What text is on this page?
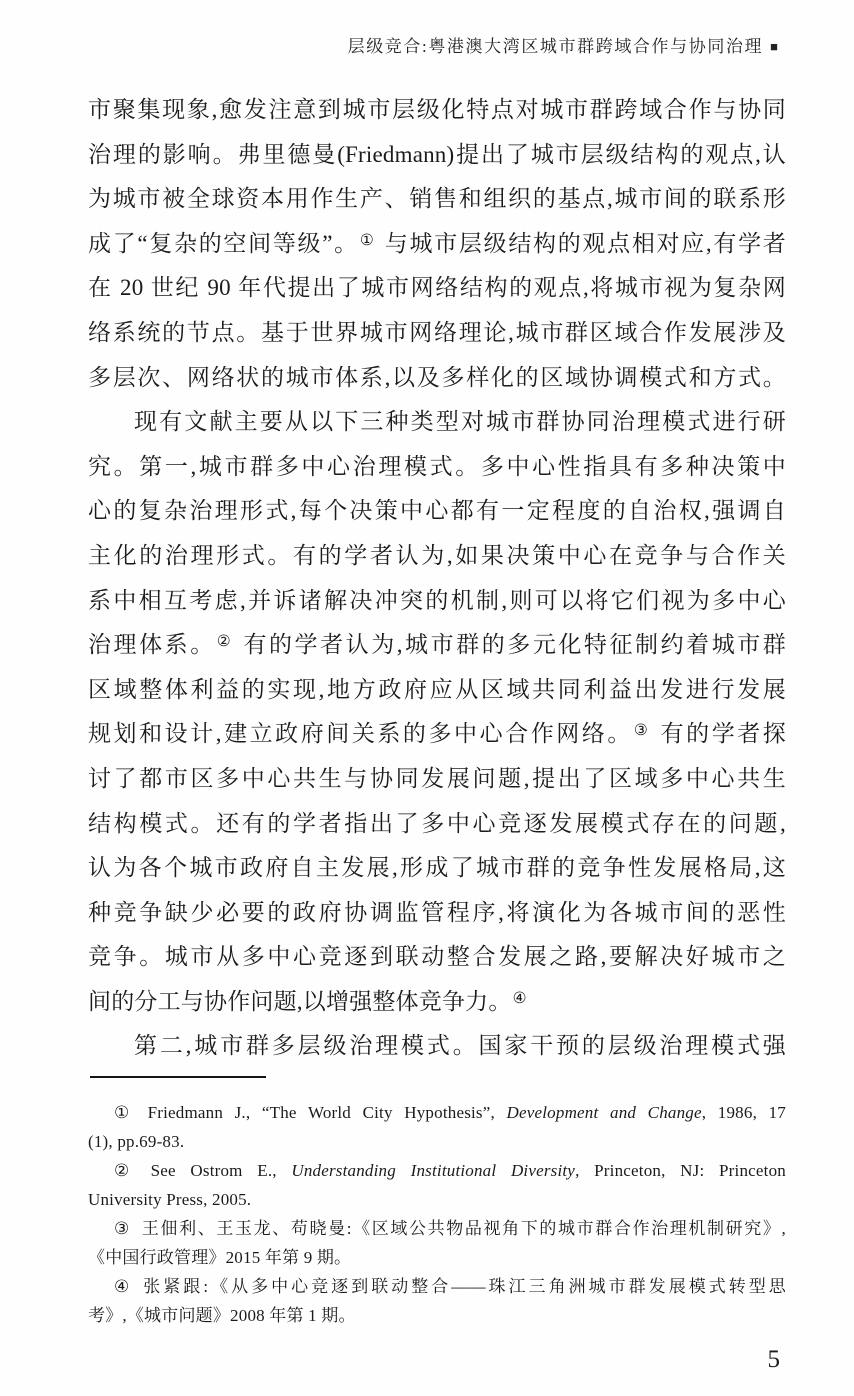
层级竞合:粤港澳大湾区城市群跨域合作与协同治理 ■
市聚集现象,愈发注意到城市层级化特点对城市群跨域合作与协同
治理的影响。弗里德曼(Friedmann)提出了城市层级结构的观点,认
为城市被全球资本用作生产、销售和组织的基点,城市间的联系形
成了“复杂的空间等级”。① 与城市层级结构的观点相对应,有学者
在 20 世纪 90 年代提出了城市网络结构的观点,将城市视为复杂网
络系统的节点。基于世界城市网络理论,城市群区域合作发展涉及
多层次、网络状的城市体系,以及多样化的区域协调模式和方式。
现有文献主要从以下三种类型对城市群协同治理模式进行研
究。第一,城市群多中心治理模式。多中心性指具有多种决策中
心的复杂治理形式,每个决策中心都有一定程度的自治权,强调自
主化的治理形式。有的学者认为,如果决策中心在竞争与合作关
系中相互考虑,并诉诸解决冲突的机制,则可以将它们视为多中心
治理体系。② 有的学者认为,城市群的多元化特征制约着城市群
区域整体利益的实现,地方政府应从区域共同利益出发进行发展
规划和设计,建立政府间关系的多中心合作网络。③ 有的学者探
讨了都市区多中心共生与协同发展问题,提出了区域多中心共生
结构模式。还有的学者指出了多中心竞逐发展模式存在的问题,
认为各个城市政府自主发展,形成了城市群的竞争性发展格局,这
种竞争缺少必要的政府协调监管程序,将演化为各城市间的恶性
竞争。城市从多中心竞逐到联动整合发展之路,要解决好城市之
间的分工与协作问题,以增强整体竞争力。④
第二,城市群多层级治理模式。国家干预的层级治理模式强
① Friedmann J., “The World City Hypothesis”, Development and Change, 1986, 17
(1), pp.69-83.
② See Ostrom E., Understanding Institutional Diversity, Princeton, NJ: Princeton
University Press, 2005.
③ 王佃利、王玉龙、苟晓曼:《区域公共物品视角下的城市群合作治理机制研究》,
《中国行政管理》2015 年第 9 期。
④ 张紧跟:《从多中心竞逐到联动整合——珠江三角洲城市群发展模式转型思
考》,《城市问题》2008 年第 1 期。
5
